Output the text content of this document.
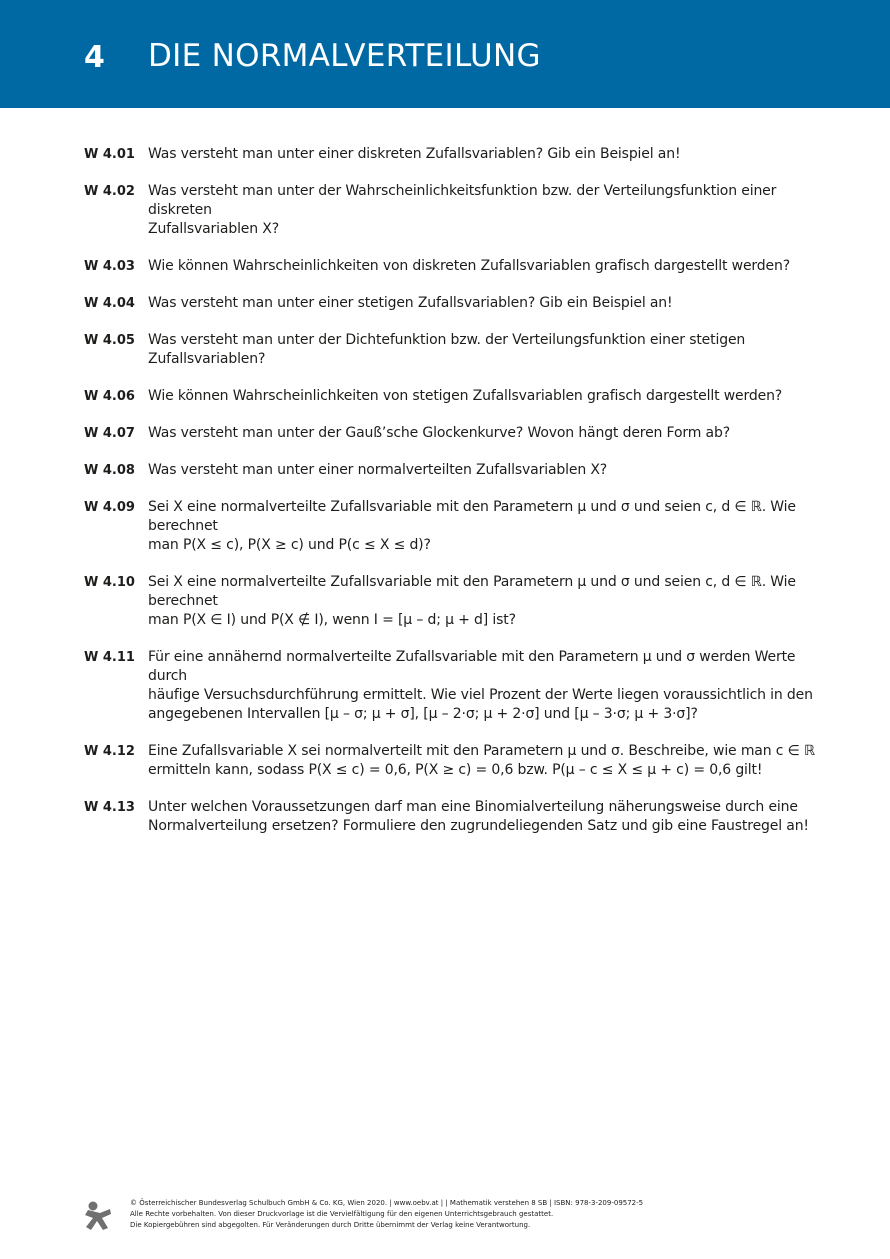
4 DIE NORMALVERTEILUNG
W 4.01 Was versteht man unter einer diskreten Zufallsvariablen? Gib ein Beispiel an!
W 4.02 Was versteht man unter der Wahrscheinlichkeitsfunktion bzw. der Verteilungsfunktion einer diskreten
Zufallsvariablen X?
W 4.03 Wie können Wahrscheinlichkeiten von diskreten Zufallsvariablen grafisch dargestellt werden?
W 4.04 Was versteht man unter einer stetigen Zufallsvariablen? Gib ein Beispiel an!
W 4.05 Was versteht man unter der Dichtefunktion bzw. der Verteilungsfunktion einer stetigen Zufallsvariablen?
W 4.06 Wie können Wahrscheinlichkeiten von stetigen Zufallsvariablen grafisch dargestellt werden?
W 4.07 Was versteht man unter der Gauß’sche Glockenkurve? Wovon hängt deren Form ab?
W 4.08 Was versteht man unter einer normalverteilten Zufallsvariablen X?
W 4.09 Sei X eine normalverteilte Zufallsvariable mit den Parametern μ und σ und seien c, d ∈ ℝ. Wie berechnet
man P(X ≤ c), P(X ≥ c) und P(c ≤ X ≤ d)?
W 4.10 Sei X eine normalverteilte Zufallsvariable mit den Parametern μ und σ und seien c, d ∈ ℝ. Wie berechnet
man P(X ∈ I) und P(X ∉ I), wenn I = [μ – d; μ + d] ist?
W 4.11 Für eine annähernd normalverteilte Zufallsvariable mit den Parametern μ und σ werden Werte durch
häufige Versuchsdurchführung ermittelt. Wie viel Prozent der Werte liegen voraussichtlich in den
angegebenen Intervallen [μ – σ; μ + σ], [μ – 2·σ; μ + 2·σ] und [μ – 3·σ; μ + 3·σ]?
W 4.12 Eine Zufallsvariable X sei normalverteilt mit den Parametern μ und σ. Beschreibe, wie man c ∈ ℝ
ermitteln kann, sodass P(X ≤ c) = 0,6, P(X ≥ c) = 0,6 bzw. P(μ – c ≤ X ≤ μ + c) = 0,6 gilt!
W 4.13 Unter welchen Voraussetzungen darf man eine Binomialverteilung näherungsweise durch eine
Normalverteilung ersetzen? Formuliere den zugrundeliegenden Satz und gib eine Faustregel an!
© Österreichischer Bundesverlag Schulbuch GmbH & Co. KG, Wien 2020. | www.oebv.at | | Mathematik verstehen 8 SB | ISBN: 978-3-209-09572-5
Alle Rechte vorbehalten. Von dieser Druckvorlage ist die Vervielfältigung für den eigenen Unterrichtsgebrauch gestattet.
Die Kopiergebühren sind abgegolten. Für Veränderungen durch Dritte übernimmt der Verlag keine Verantwortung.
